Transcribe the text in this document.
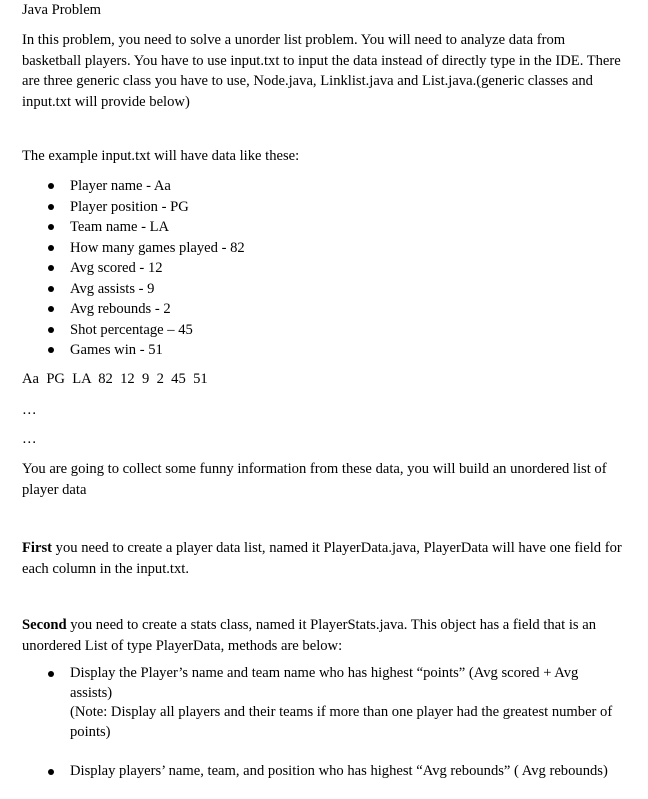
Java Problem
In this problem, you need to solve a unorder list problem. You will need to analyze data from basketball players. You have to use input.txt to input the data instead of directly type in the IDE. There are three generic class you have to use, Node.java, Linklist.java and List.java.(generic classes and input.txt will provide below)
The example input.txt will have data like these:
Player name - Aa
Player position - PG
Team name - LA
How many games played - 82
Avg scored - 12
Avg assists - 9
Avg rebounds - 2
Shot percentage – 45
Games win - 51
Aa  PG  LA  82  12  9  2  45  51
…
…
You are going to collect some funny information from these data, you will build an unordered list of player data
First you need to create a player data list, named it PlayerData.java, PlayerData will have one field for each column in the input.txt.
Second you need to create a stats class, named it PlayerStats.java. This object has a field that is an unordered List of type PlayerData, methods are below:
Display the Player’s name and team name who has highest “points” (Avg scored + Avg assists)
(Note: Display all players and their teams if more than one player had the greatest number of points)
Display players’ name, team, and position who has highest “Avg rebounds” ( Avg rebounds)
